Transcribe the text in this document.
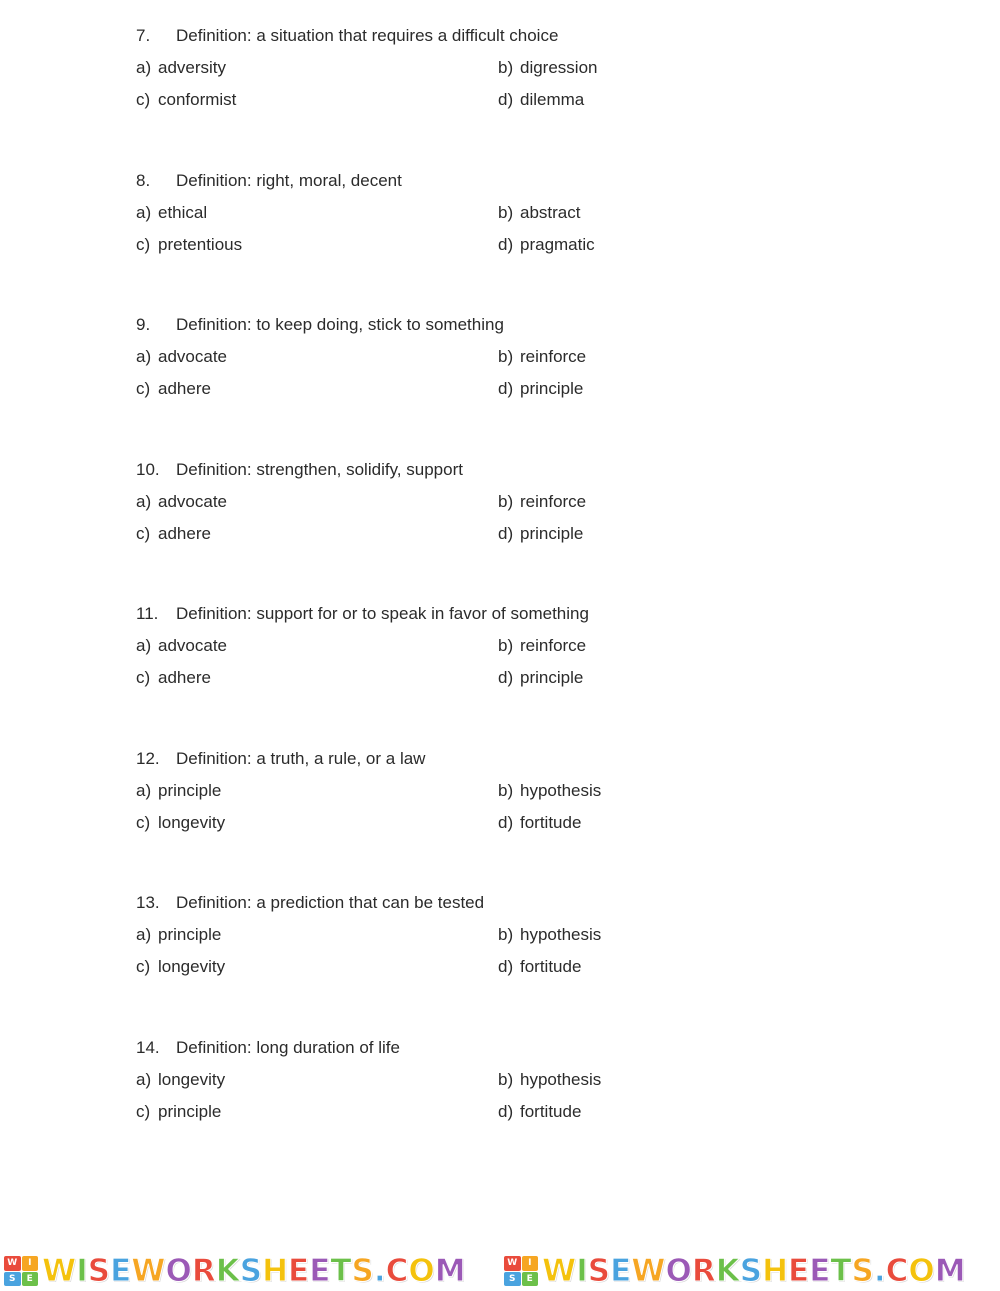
7.	Definition: a situation that requires a difficult choice
a) adversity	b) digression
c) conformist	d) dilemma
8.	Definition: right, moral, decent
a) ethical	b) abstract
c) pretentious	d) pragmatic
9.	Definition: to keep doing, stick to something
a) advocate	b) reinforce
c) adhere	d) principle
10. Definition: strengthen, solidify, support
a) advocate	b) reinforce
c) adhere	d) principle
11.	Definition: support for or to speak in favor of something
a) advocate	b) reinforce
c) adhere	d) principle
12. Definition: a truth, a rule, or a law
a) principle	b) hypothesis
c) longevity	d) fortitude
13. Definition: a prediction that can be tested
a) principle	b) hypothesis
c) longevity	d) fortitude
14. Definition: long duration of life
a) longevity	b) hypothesis
c) principle	d) fortitude
W	I
S	E WISEWORKSHEETS.COM	W	I
S	E WISEWORKSHEETS.COM
